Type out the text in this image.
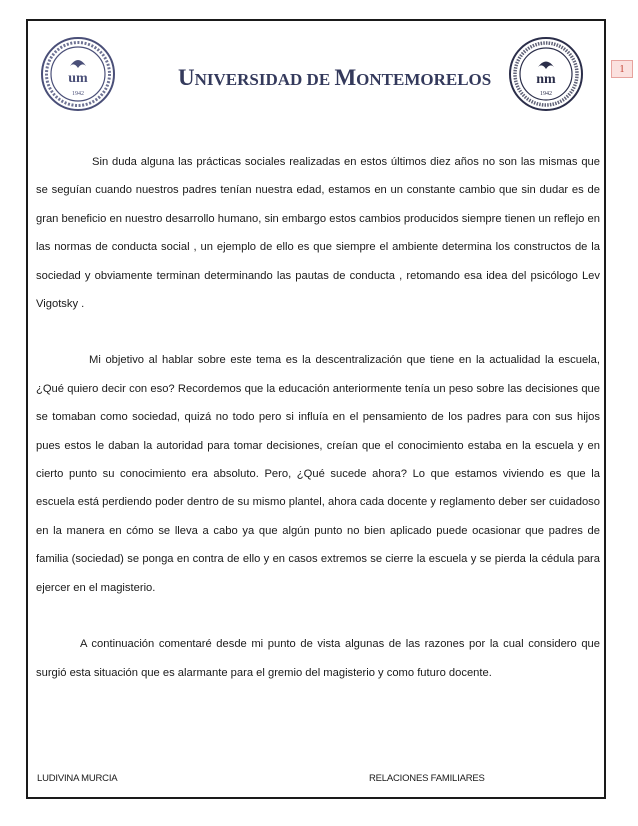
1
um
1942
UNIVERSIDAD DE MONTEMORELOS	nm
1942

Sin duda alguna las prácticas sociales realizadas en estos últimos diez años no son las mismas que se seguían cuando nuestros padres tenían nuestra edad, estamos en un constante cambio que sin dudar es de gran beneficio en nuestro desarrollo humano, sin embargo estos cambios producidos siempre tienen un reflejo en las normas de conducta social , un ejemplo de ello es que siempre el ambiente determina los constructos de la sociedad y obviamente terminan determinando las pautas de conducta , retomando esa idea del psicólogo Lev Vigotsky .

Mi objetivo al hablar sobre este tema es la descentralización que tiene en la actualidad la escuela, ¿Qué quiero decir con eso? Recordemos que la educación anteriormente tenía un peso sobre las decisiones que se tomaban como sociedad, quizá no todo pero si influía en el pensamiento de los padres para con sus hijos pues estos le daban la autoridad para tomar decisiones, creían que el conocimiento estaba en la escuela y en cierto punto su conocimiento era absoluto. Pero, ¿Qué sucede ahora? Lo que estamos viviendo es que la escuela está perdiendo poder dentro de su mismo plantel, ahora cada docente y reglamento deber ser cuidadoso en la manera en cómo se lleva a cabo ya que algún punto no bien aplicado puede ocasionar que padres de familia (sociedad) se ponga en contra de ello y en casos extremos se cierre la escuela y se pierda la cédula para ejercer en el magisterio.

A continuación comentaré desde mi punto de vista algunas de las razones por la cual considero que surgió esta situación que es alarmante para el gremio del magisterio y como futuro docente.

LUDIVINA MURCIA	RELACIONES FAMILIARES
